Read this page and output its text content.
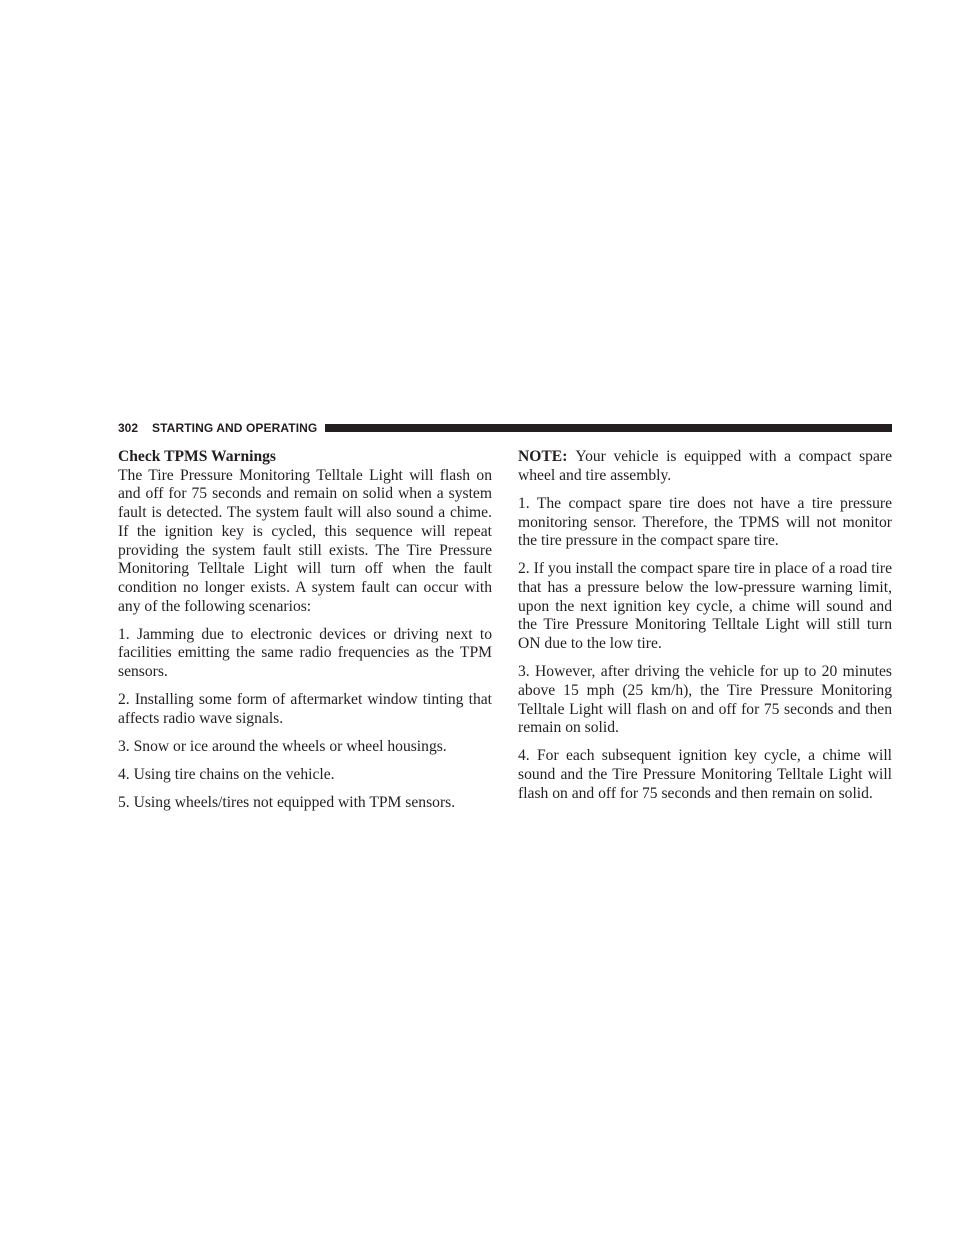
302 STARTING AND OPERATING

Check TPMS Warnings
The Tire Pressure Monitoring Telltale Light will flash on and off for 75 seconds and remain on solid when a system fault is detected. The system fault will also sound a chime. If the ignition key is cycled, this sequence will repeat providing the system fault still exists. The Tire Pressure Monitoring Telltale Light will turn off when the fault condition no longer exists. A system fault can occur with any of the following scenarios:

1. Jamming due to electronic devices or driving next to facilities emitting the same radio frequencies as the TPM sensors.

2. Installing some form of aftermarket window tinting that affects radio wave signals.

3. Snow or ice around the wheels or wheel housings.

4. Using tire chains on the vehicle.

5. Using wheels/tires not equipped with TPM sensors.

NOTE: Your vehicle is equipped with a compact spare wheel and tire assembly.

1. The compact spare tire does not have a tire pressure monitoring sensor. Therefore, the TPMS will not monitor the tire pressure in the compact spare tire.

2. If you install the compact spare tire in place of a road tire that has a pressure below the low-pressure warning limit, upon the next ignition key cycle, a chime will sound and the Tire Pressure Monitoring Telltale Light will still turn ON due to the low tire.

3. However, after driving the vehicle for up to 20 minutes above 15 mph (25 km/h), the Tire Pressure Monitoring Telltale Light will flash on and off for 75 seconds and then remain on solid.

4. For each subsequent ignition key cycle, a chime will sound and the Tire Pressure Monitoring Telltale Light will flash on and off for 75 seconds and then remain on solid.
